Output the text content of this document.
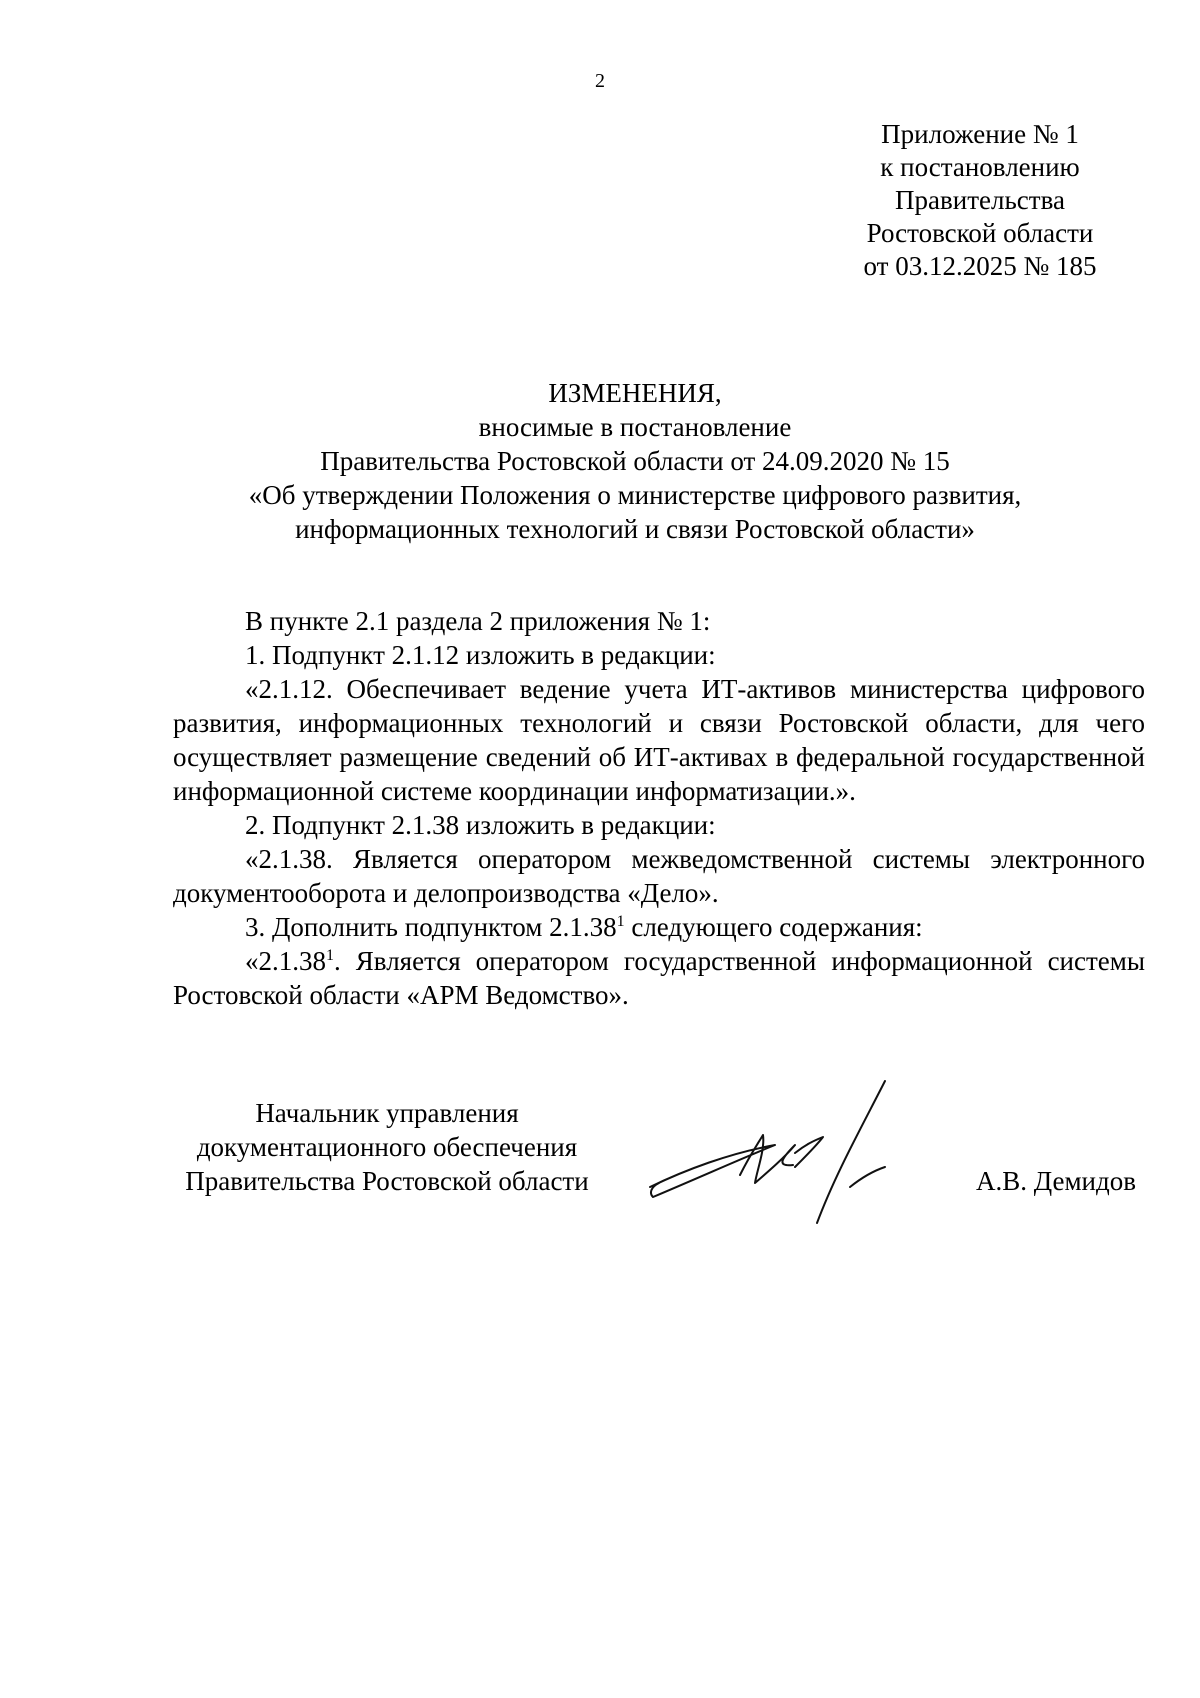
2
Приложение № 1
к постановлению
Правительства
Ростовской области
от 03.12.2025 № 185
ИЗМЕНЕНИЯ,
вносимые в постановление
Правительства Ростовской области от 24.09.2020 № 15
«Об утверждении Положения о министерстве цифрового развития,
информационных технологий и связи Ростовской области»

В пункте 2.1 раздела 2 приложения № 1:

1. Подпункт 2.1.12 изложить в редакции:

«2.1.12. Обеспечивает ведение учета ИТ-активов министерства цифрового развития, информационных технологий и связи Ростовской области, для чего осуществляет размещение сведений об ИТ-активах в федеральной государственной информационной системе координации информатизации.».

2. Подпункт 2.1.38 изложить в редакции:

«2.1.38. Является оператором межведомственной системы электронного документооборота и делопроизводства «Дело».

3. Дополнить подпунктом 2.1.38$^1$ следующего содержания:

«2.1.38$^1$. Является оператором государственной информационной системы Ростовской области «АРМ Ведомство».

Начальник управления
документационного обеспечения
Правительства Ростовской области	А.В. Демидов
